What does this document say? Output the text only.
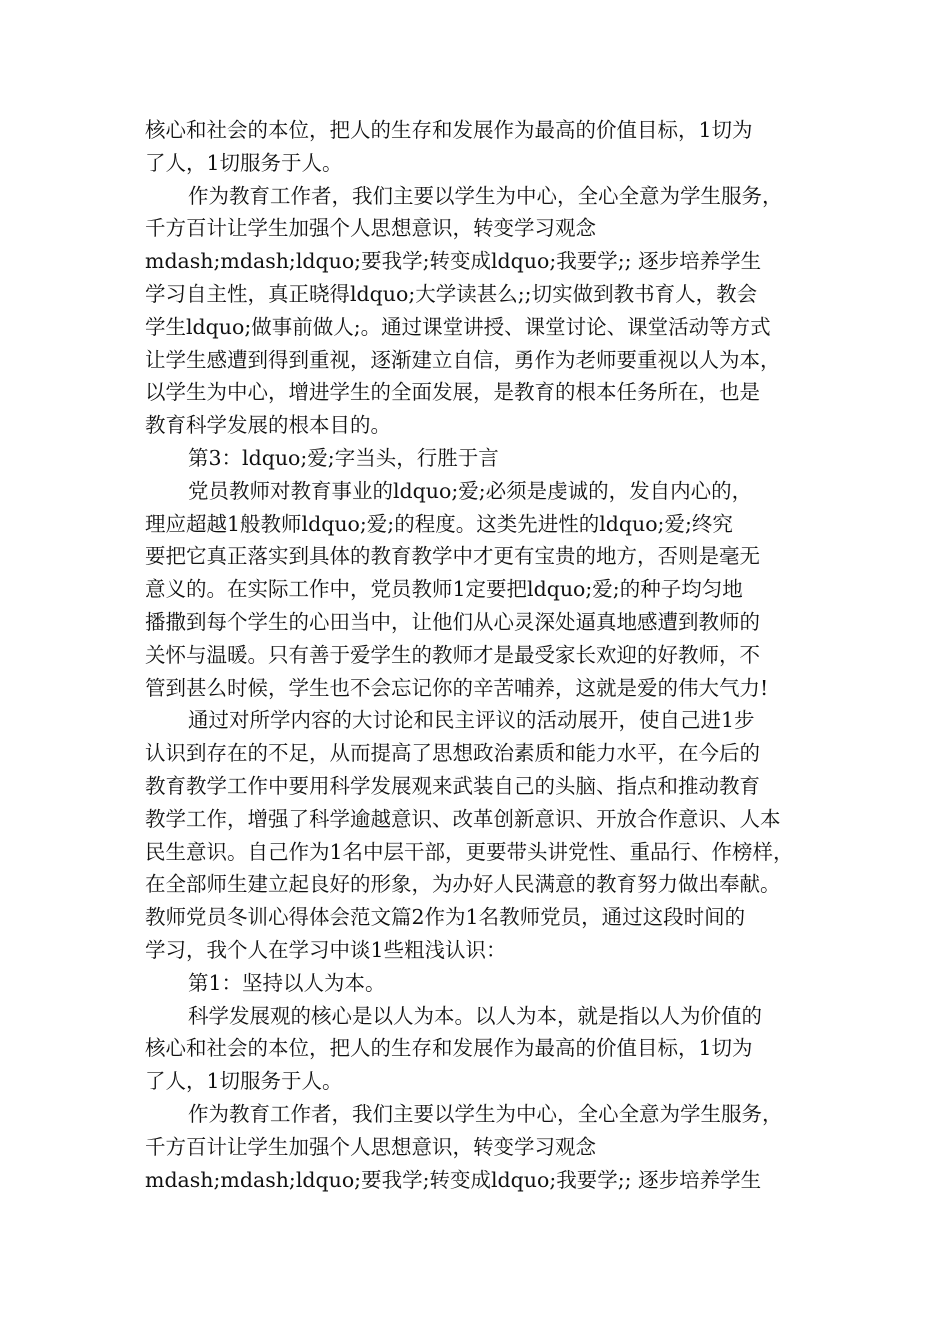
核心和社会的本位，把人的生存和发展作为最高的价值目标，1切为
了人，1切服务于人。
作为教育工作者，我们主要以学生为中心，全心全意为学生服务，
千方百计让学生加强个人思想意识，转变学习观念
mdash;mdash;ldquo;要我学;转变成ldquo;我要学;; 逐步培养学生
学习自主性，真正晓得ldquo;大学读甚么;;切实做到教书育人，教会
学生ldquo;做事前做人;。通过课堂讲授、课堂讨论、课堂活动等方式
让学生感遭到得到重视，逐渐建立自信，勇作为老师要重视以人为本，
以学生为中心，增进学生的全面发展，是教育的根本任务所在，也是
教育科学发展的根本目的。
第3：ldquo;爱;字当头，行胜于言
党员教师对教育事业的ldquo;爱;必须是虔诚的，发自内心的，
理应超越1般教师ldquo;爱;的程度。这类先进性的ldquo;爱;终究
要把它真正落实到具体的教育教学中才更有宝贵的地方，否则是毫无
意义的。在实际工作中，党员教师1定要把ldquo;爱;的种子均匀地
播撒到每个学生的心田当中，让他们从心灵深处逼真地感遭到教师的
关怀与温暖。只有善于爱学生的教师才是最受家长欢迎的好教师，不
管到甚么时候，学生也不会忘记你的辛苦哺养，这就是爱的伟大气力!
通过对所学内容的大讨论和民主评议的活动展开，使自己进1步
认识到存在的不足，从而提高了思想政治素质和能力水平，在今后的
教育教学工作中要用科学发展观来武装自己的头脑、指点和推动教育
教学工作，增强了科学逾越意识、改革创新意识、开放合作意识、人本
民生意识。自己作为1名中层干部，更要带头讲党性、重品行、作榜样，
在全部师生建立起良好的形象，为办好人民满意的教育努力做出奉献。
教师党员冬训心得体会范文篇2作为1名教师党员，通过这段时间的
学习，我个人在学习中谈1些粗浅认识：
第1：坚持以人为本。
科学发展观的核心是以人为本。以人为本，就是指以人为价值的
核心和社会的本位，把人的生存和发展作为最高的价值目标，1切为
了人，1切服务于人。
作为教育工作者，我们主要以学生为中心，全心全意为学生服务，
千方百计让学生加强个人思想意识，转变学习观念
mdash;mdash;ldquo;要我学;转变成ldquo;我要学;; 逐步培养学生
